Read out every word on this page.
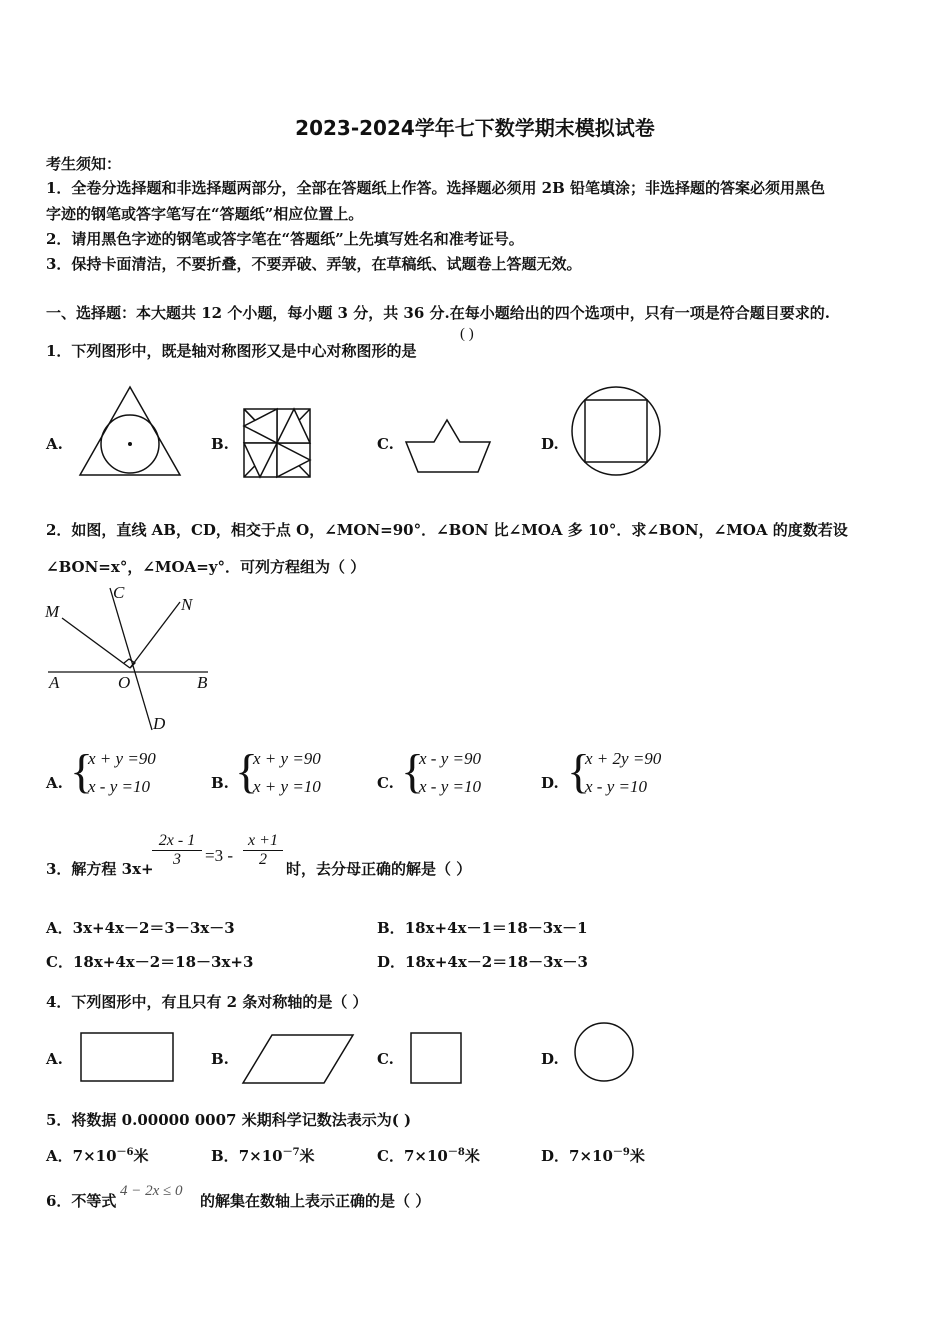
2023-2024学年七下数学期末模拟试卷
考生须知：
1．全卷分选择题和非选择题两部分，全部在答题纸上作答。选择题必须用 2B 铅笔填涂；非选择题的答案必须用黑色
字迹的钢笔或答字笔写在“答题纸”相应位置上。
2．请用黑色字迹的钢笔或答字笔在“答题纸”上先填写姓名和准考证号。
3．保持卡面清洁，不要折叠，不要弄破、弄皱，在草稿纸、试题卷上答题无效。
一、选择题：本大题共 12 个小题，每小题 3 分，共 36 分.在每小题给出的四个选项中，只有一项是符合题目要求的.
1．下列图形中，既是轴对称图形又是中心对称图形的是
( )
A.	B.	C.	D.
2．如图，直线 AB，CD，相交于点 O，∠MON=90°．∠BON 比∠MOA 多 10°．求∠BON，∠MOA 的度数若设
∠BON=x°，∠MOA=y°．可列方程组为（ ）
M
C
N
A	O	B
D
A. {
x + y =90
x - y =10	B. {
x + y =90
x + y =10	C. {
x - y =90
x - y =10	D. {
x + 2y =90
x - y =10
3．解方程 3x+
$\frac{2x - 1}{3} =3 - \frac{x +1}{2}$ 时，去分母正确的解是（ ）
A．3x+4x－2＝3－3x－3	B．18x+4x－1＝18－3x－1
C．18x+4x－2＝18－3x+3	D．18x+4x－2＝18－3x－3
4．下列图形中，有且只有 2 条对称轴的是（ ）
A.	B.	C.	D.
5．将数据 0.00000 0007 米期科学记数法表示为( )
A．$7\times 10^{-6}$米	B．$7\times 10^{-7}$米	C．$7\times 10^{-8}$米	D．$7\times 10^{-9}$米
6．不等式
4 − 2x ≤ 0
的解集在数轴上表示正确的是（ ）
